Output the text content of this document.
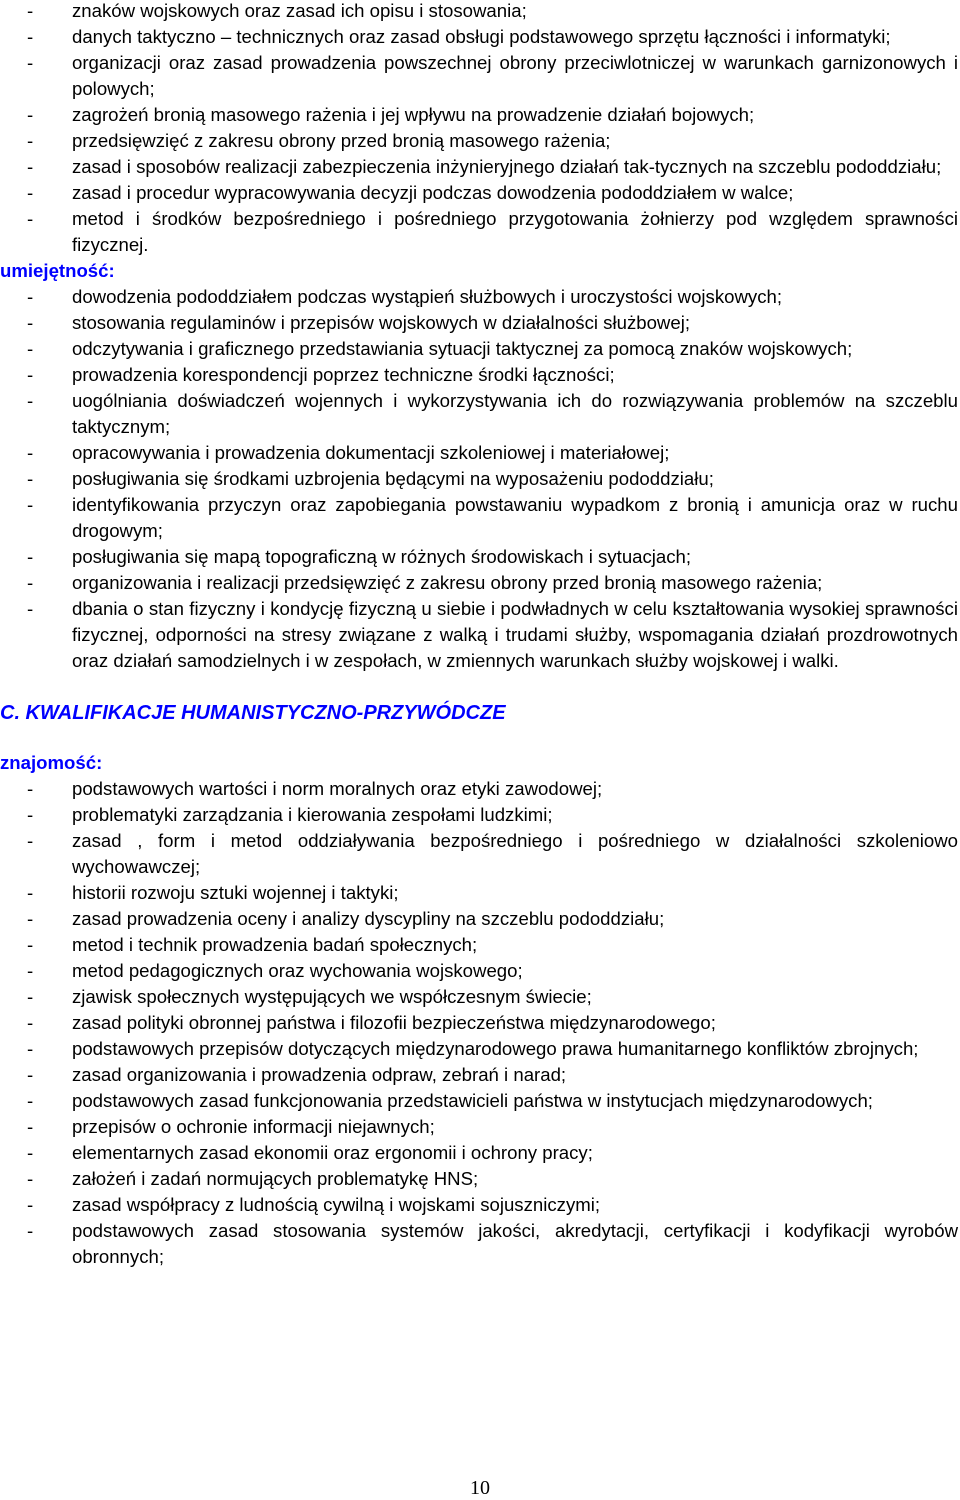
- znaków wojskowych oraz zasad ich opisu i stosowania;
- danych taktyczno – technicznych oraz zasad obsługi podstawowego sprzętu łączności i informatyki;
- organizacji oraz zasad prowadzenia powszechnej obrony przeciwlotniczej w warunkach garnizonowych i polowych;
- zagrożeń bronią masowego rażenia i jej wpływu na prowadzenie działań bojowych;
- przedsięwzięć z zakresu obrony przed bronią masowego rażenia;
- zasad i sposobów realizacji zabezpieczenia inżynieryjnego działań tak-tycznych na szczeblu pododdziału;
- zasad i procedur wypracowywania decyzji podczas dowodzenia pododdziałem w walce;
- metod i środków bezpośredniego i pośredniego przygotowania żołnierzy pod względem sprawności fizycznej.

umiejętność:

- dowodzenia pododdziałem podczas wystąpień służbowych i uroczystości wojskowych;
- stosowania regulaminów i przepisów wojskowych w działalności służbowej;
- odczytywania i graficznego przedstawiania sytuacji taktycznej za pomocą znaków wojskowych;
- prowadzenia korespondencji poprzez techniczne środki łączności;
- uogólniania doświadczeń wojennych i wykorzystywania ich do rozwiązywania problemów na szczeblu taktycznym;
- opracowywania i prowadzenia dokumentacji szkoleniowej i materiałowej;
- posługiwania się środkami uzbrojenia będącymi na wyposażeniu pododdziału;
- identyfikowania przyczyn oraz zapobiegania powstawaniu wypadkom z bronią i amunicja oraz w ruchu drogowym;
- posługiwania się mapą topograficzną w różnych środowiskach i sytuacjach;
- organizowania i realizacji przedsięwzięć z zakresu obrony przed bronią masowego rażenia;
- dbania o stan fizyczny i kondycję fizyczną u siebie i podwładnych w celu kształtowania wysokiej sprawności fizycznej, odporności na stresy związane z walką i trudami służby, wspomagania działań prozdrowotnych oraz działań samodzielnych i w zespołach, w zmiennych warunkach służby wojskowej i walki.

C. KWALIFIKACJE HUMANISTYCZNO-PRZYWÓDCZE

znajomość:

- podstawowych wartości i norm moralnych oraz etyki zawodowej;
- problematyki zarządzania i kierowania zespołami ludzkimi;
- zasad , form i metod oddziaływania bezpośredniego i pośredniego w działalności szkoleniowo wychowawczej;
- historii rozwoju sztuki wojennej i taktyki;
- zasad prowadzenia oceny i analizy dyscypliny na szczeblu pododdziału;
- metod i technik prowadzenia badań społecznych;
- metod pedagogicznych oraz wychowania wojskowego;
- zjawisk społecznych występujących we współczesnym świecie;
- zasad polityki obronnej państwa i filozofii bezpieczeństwa międzynarodowego;
- podstawowych przepisów dotyczących międzynarodowego prawa humanitarnego konfliktów zbrojnych;
- zasad organizowania i prowadzenia odpraw, zebrań i narad;
- podstawowych zasad funkcjonowania przedstawicieli państwa w instytucjach międzynarodowych;
- przepisów o ochronie informacji niejawnych;
- elementarnych zasad ekonomii oraz ergonomii i ochrony pracy;
- założeń i zadań normujących problematykę HNS;
- zasad współpracy z ludnością cywilną i wojskami sojuszniczymi;
- podstawowych zasad stosowania systemów jakości, akredytacji, certyfikacji i kodyfikacji wyrobów obronnych;
10
